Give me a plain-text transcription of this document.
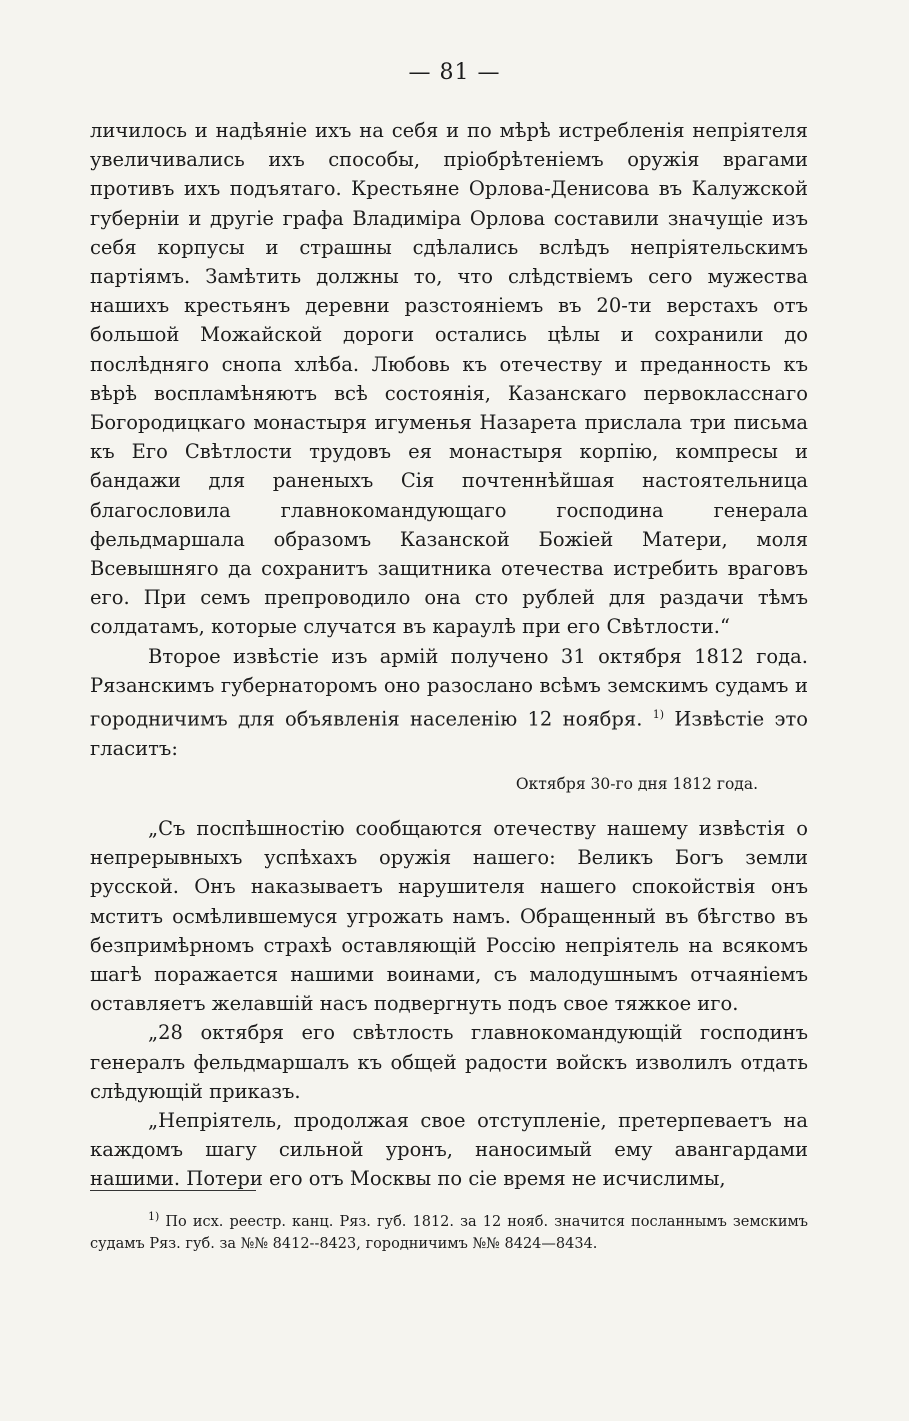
— 81 —

личилось и надѣяніе ихъ на себя и по мѣрѣ истребленія непріятеля увеличивались ихъ способы, пріобрѣтеніемъ оружія врагами противъ ихъ подъятаго. Крестьяне Орлова-Денисова въ Калужской губерніи и другіе графа Владиміра Орлова составили значущіе изъ себя корпусы и страшны сдѣлались вслѣдъ непріятельскимъ партіямъ. Замѣтить должны то, что слѣдствіемъ сего мужества нашихъ крестьянъ деревни разстояніемъ въ 20-ти верстахъ отъ большой Можайской дороги остались цѣлы и сохранили до послѣдняго снопа хлѣба. Любовь къ отечеству и преданность къ вѣрѣ воспламѣняютъ всѣ состоянія, Казанскаго первокласснаго Богородицкаго монастыря игуменья Назарета прислала три письма къ Его Свѣтлости трудовъ ея монастыря корпію, компресы и бандажи для раненыхъ Сія почтеннѣйшая настоятельница благословила главнокомандующаго господина генерала фельдмаршала образомъ Казанской Божіей Матери, моля Всевышняго да сохранитъ защитника отечества истребить враговъ его. При семъ препроводило она сто рублей для раздачи тѣмъ солдатамъ, которые случатся въ караулѣ при его Свѣтлости.“

Второе извѣстіе изъ армій получено 31 октября 1812 года. Рязанскимъ губернаторомъ оно разослано всѣмъ земскимъ судамъ и городничимъ для объявленія населенію 12 ноября. $^{1)}$ Извѣстіе это гласитъ:

Октября 30-го дня 1812 года.

„Съ поспѣшностію сообщаются отечеству нашему извѣстія о непрерывныхъ успѣхахъ оружія нашего: Великъ Богъ земли русской. Онъ наказываетъ нарушителя нашего спокойствія онъ мститъ осмѣлившемуся угрожать намъ. Обращенный въ бѣгство въ безпримѣрномъ страхѣ оставляющій Россію непріятель на всякомъ шагѣ поражается нашими воинами, съ малодушнымъ отчаяніемъ оставляетъ желавшій насъ подвергнуть подъ свое тяжкое иго.

„28 октября его свѣтлость главнокомандующій господинъ генералъ фельдмаршалъ къ общей радости войскъ изволилъ отдать слѣдующій приказъ.

„Непріятель, продолжая свое отступленіе, претерпеваетъ на каждомъ шагу сильной уронъ, наносимый ему авангардами нашими. Потери его отъ Москвы по сіе время не исчислимы,

$^{1)}$ По исх. реестр. канц. Ряз. губ. 1812. за 12 нояб. значится посланнымъ земскимъ судамъ Ряз. губ. за №№ 8412--8423, городничимъ №№ 8424—8434.
